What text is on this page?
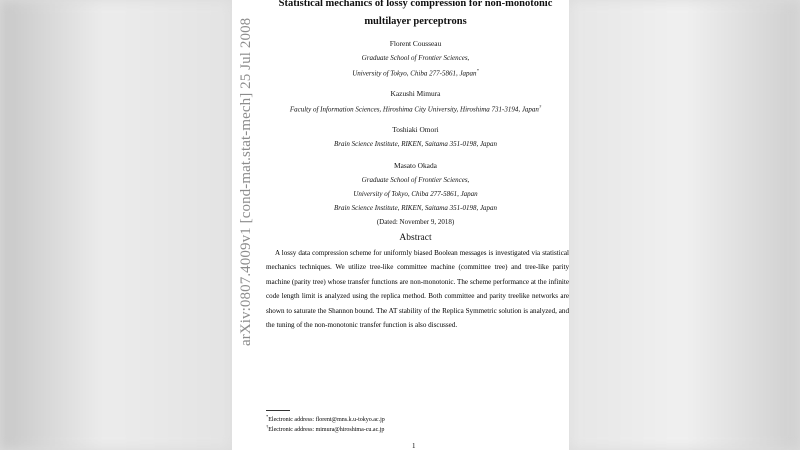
arXiv:0807.4009v1 [cond-mat.stat-mech] 25 Jul 2008
Statistical mechanics of lossy compression for non-monotonic
multilayer perceptrons
Florent Cousseau
Graduate School of Frontier Sciences,
University of Tokyo, Chiba 277-5861, Japan*
Kazushi Mimura
Faculty of Information Sciences, Hiroshima City University, Hiroshima 731-3194, Japan†
Toshiaki Omori
Brain Science Institute, RIKEN, Saitama 351-0198, Japan
Masato Okada
Graduate School of Frontier Sciences,
University of Tokyo, Chiba 277-5861, Japan
Brain Science Institute, RIKEN, Saitama 351-0198, Japan
(Dated: November 9, 2018)
Abstract
A lossy data compression scheme for uniformly biased Boolean messages is investigated via statistical mechanics techniques. We utilize tree-like committee machine (committee tree) and tree-like parity machine (parity tree) whose transfer functions are non-monotonic. The scheme performance at the infinite code length limit is analyzed using the replica method. Both committee and parity treelike networks are shown to saturate the Shannon bound. The AT stability of the Replica Symmetric solution is analyzed, and the tuning of the non-monotonic transfer function is also discussed.
*Electronic address: florent@mns.k.u-tokyo.ac.jp
†Electronic address: mimura@hiroshima-cu.ac.jp
1
